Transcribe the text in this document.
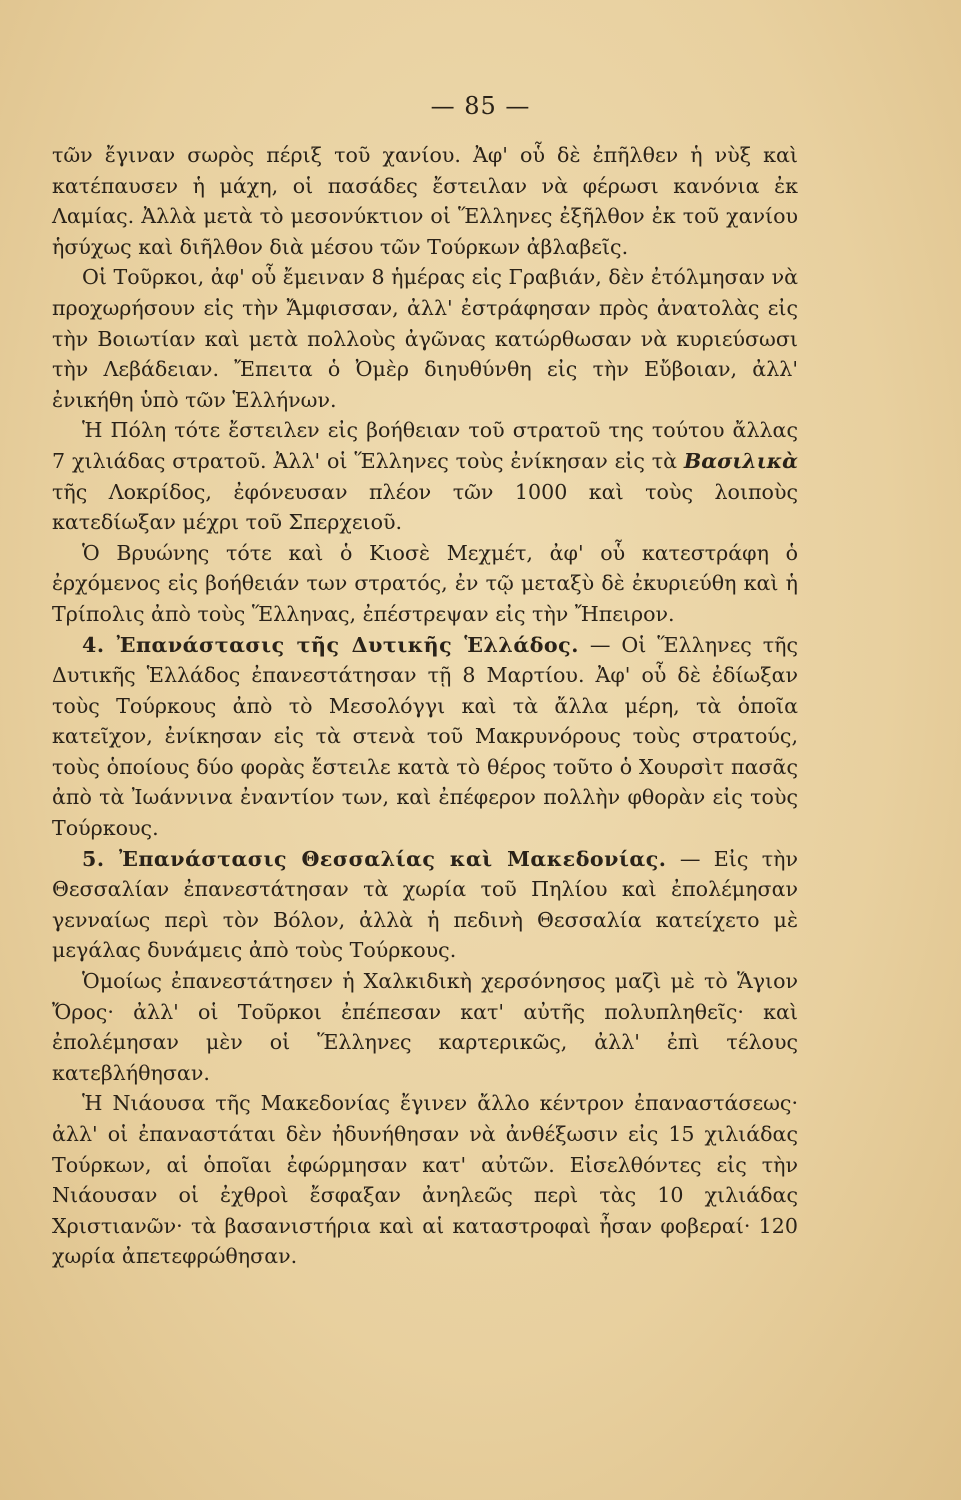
— 85 —

τῶν ἔγιναν σωρὸς πέριξ τοῦ χανίου. Ἀφ' οὗ δὲ ἐπῆλθεν ἡ νὺξ καὶ κατέπαυσεν ἡ μάχη, οἱ πασάδες ἔστειλαν νὰ φέρωσι κανόνια ἐκ Λαμίας. Ἀλλὰ μετὰ τὸ μεσονύκτιον οἱ Ἕλληνες ἐξῆλθον ἐκ τοῦ χανίου ἡσύχως καὶ διῆλθον διὰ μέσου τῶν Τούρκων ἀβλαβεῖς.

Οἱ Τοῦρκοι, ἀφ' οὗ ἔμειναν 8 ἡμέρας εἰς Γραβιάν, δὲν ἐτόλμησαν νὰ προχωρήσουν εἰς τὴν Ἄμφισσαν, ἀλλ' ἐστράφησαν πρὸς ἀνατολὰς εἰς τὴν Βοιωτίαν καὶ μετὰ πολλοὺς ἀγῶνας κατώρθωσαν νὰ κυριεύσωσι τὴν Λεβάδειαν. Ἔπειτα ὁ Ὀμὲρ διηυθύνθη εἰς τὴν Εὔβοιαν, ἀλλ' ἐνικήθη ὑπὸ τῶν Ἑλλήνων.

Ἡ Πόλη τότε ἔστειλεν εἰς βοήθειαν τοῦ στρατοῦ της τούτου ἄλλας 7 χιλιάδας στρατοῦ. Ἀλλ' οἱ Ἕλληνες τοὺς ἐνίκησαν εἰς τὰ Βασιλικὰ τῆς Λοκρίδος, ἐφόνευσαν πλέον τῶν 1000 καὶ τοὺς λοιποὺς κατεδίωξαν μέχρι τοῦ Σπερχειοῦ.

Ὁ Βρυώνης τότε καὶ ὁ Κιοσὲ Μεχμέτ, ἀφ' οὗ κατεστράφη ὁ ἐρχόμενος εἰς βοήθειάν των στρατός, ἐν τῷ μεταξὺ δὲ ἐκυριεύθη καὶ ἡ Τρίπολις ἀπὸ τοὺς Ἕλληνας, ἐπέστρεψαν εἰς τὴν Ἤπειρον.

4. Ἐπανάστασις τῆς Δυτικῆς Ἑλλάδος. — Οἱ Ἕλληνες τῆς Δυτικῆς Ἑλλάδος ἐπανεστάτησαν τῇ 8 Μαρτίου. Ἀφ' οὗ δὲ ἐδίωξαν τοὺς Τούρκους ἀπὸ τὸ Μεσολόγγι καὶ τὰ ἄλλα μέρη, τὰ ὁποῖα κατεῖχον, ἐνίκησαν εἰς τὰ στενὰ τοῦ Μακρυνόρους τοὺς στρατούς, τοὺς ὁποίους δύο φορὰς ἔστειλε κατὰ τὸ θέρος τοῦτο ὁ Χουρσὶτ πασᾶς ἀπὸ τὰ Ἰωάννινα ἐναντίον των, καὶ ἐπέφερον πολλὴν φθορὰν εἰς τοὺς Τούρκους.

5. Ἐπανάστασις Θεσσαλίας καὶ Μακεδονίας. — Εἰς τὴν Θεσσαλίαν ἐπανεστάτησαν τὰ χωρία τοῦ Πηλίου καὶ ἐπολέμησαν γενναίως περὶ τὸν Βόλον, ἀλλὰ ἡ πεδινὴ Θεσσαλία κατείχετο μὲ μεγάλας δυνάμεις ἀπὸ τοὺς Τούρκους.

Ὁμοίως ἐπανεστάτησεν ἡ Χαλκιδικὴ χερσόνησος μαζὶ μὲ τὸ Ἅγιον Ὄρος· ἀλλ' οἱ Τοῦρκοι ἐπέπεσαν κατ' αὐτῆς πολυπληθεῖς· καὶ ἐπολέμησαν μὲν οἱ Ἕλληνες καρτερικῶς, ἀλλ' ἐπὶ τέλους κατεβλήθησαν.

Ἡ Νιάουσα τῆς Μακεδονίας ἔγινεν ἄλλο κέντρον ἐπαναστάσεως· ἀλλ' οἱ ἐπαναστάται δὲν ἠδυνήθησαν νὰ ἀνθέξωσιν εἰς 15 χιλιάδας Τούρκων, αἱ ὁποῖαι ἐφώρμησαν κατ' αὐτῶν. Εἰσελθόντες εἰς τὴν Νιάουσαν οἱ ἐχθροὶ ἔσφαξαν ἀνηλεῶς περὶ τὰς 10 χιλιάδας Χριστιανῶν· τὰ βασανιστήρια καὶ αἱ καταστροφαὶ ἦσαν φοβεραί· 120 χωρία ἀπετεφρώθησαν.
